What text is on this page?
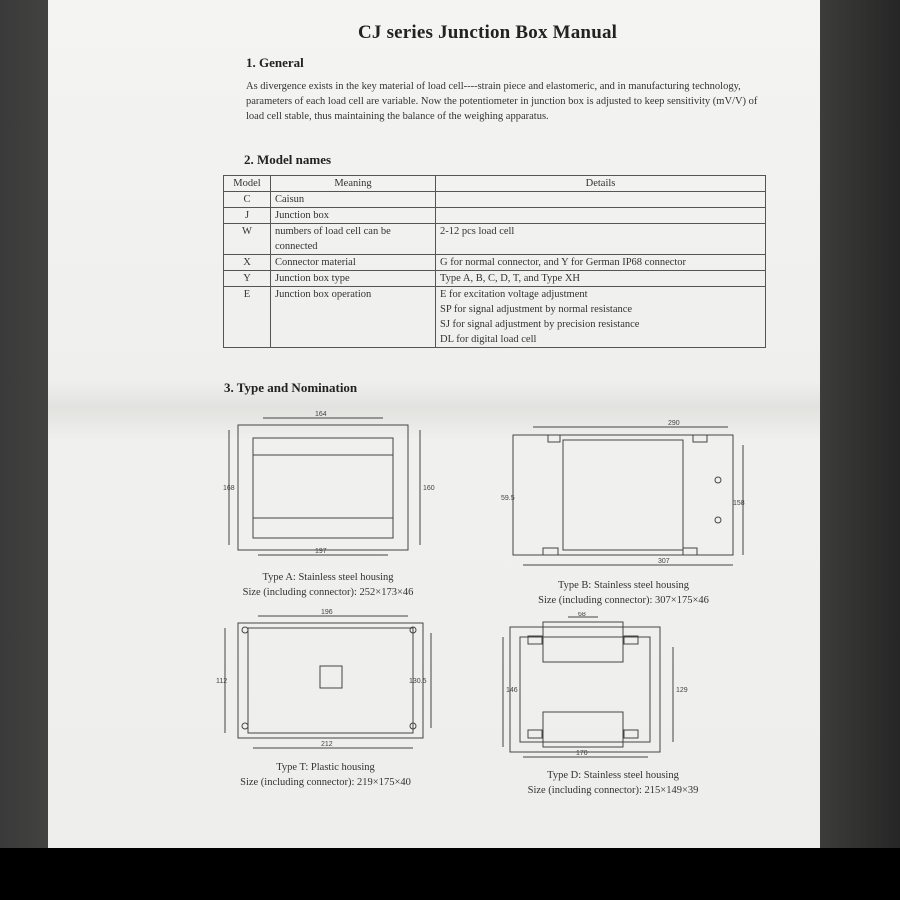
CJ series Junction Box Manual
1. General
As divergence exists in the key material of load cell----strain piece and elastomeric, and in manufacturing technology, parameters of each load cell are variable. Now the potentiometer in junction box is adjusted to keep sensitivity (mV/V) of load cell stable, thus maintaining the balance of the weighing apparatus.
2. Model names
Model	Meaning	Details
C	Caisun	
J	Junction box	
W	numbers of load cell can be connected	2-12 pcs load cell
X	Connector material	G for normal connector, and Y for German IP68 connector
Y	Junction box type	Type A, B, C, D, T, and Type XH
E	Junction box operation	E for excitation voltage adjustment
SP for signal adjustment by normal resistance
SJ for signal adjustment by precision resistance
DL for digital load cell
3. Type and Nomination
164
168	160
197
Type A: Stainless steel housing
Size (including connector): 252×173×46
290
59.5
158
307
Type B: Stainless steel housing
Size (including connector): 307×175×46
196
112	130.5
212
Type T: Plastic housing
Size (including connector): 219×175×40
68
146	129
170
Type D: Stainless steel housing
Size (including connector): 215×149×39
